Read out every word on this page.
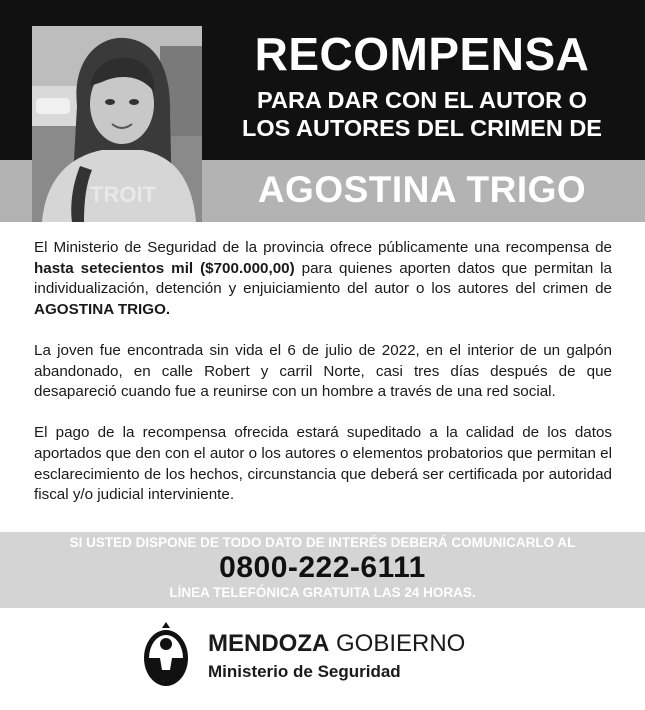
TROIT
RECOMPENSA
PARA DAR CON EL AUTOR O
LOS AUTORES DEL CRIMEN DE
AGOSTINA TRIGO

El Ministerio de Seguridad de la provincia ofrece públicamente una recompensa de hasta setecientos mil ($700.000,00) para quienes aporten datos que permitan la individualización, detención y enjuiciamiento del autor o los autores del crimen de AGOSTINA TRIGO.

La joven fue encontrada sin vida el 6 de julio de 2022, en el interior de un galpón abandonado, en calle Robert y carril Norte, casi tres días después de que desapareció cuando fue a reunirse con un hombre a través de una red social.

El pago de la recompensa ofrecida estará supeditado a la calidad de los datos aportados que den con el autor o los autores o elementos probatorios que permitan el esclarecimiento de los hechos, circunstancia que deberá ser certificada por autoridad fiscal y/o judicial interviniente.

SI USTED DISPONE DE TODO DATO DE INTERÉS DEBERÁ COMUNICARLO AL
0800-222-6111
LÍNEA TELEFÓNICA GRATUITA LAS 24 HORAS.
MENDOZA GOBIERNO
Ministerio de Seguridad
